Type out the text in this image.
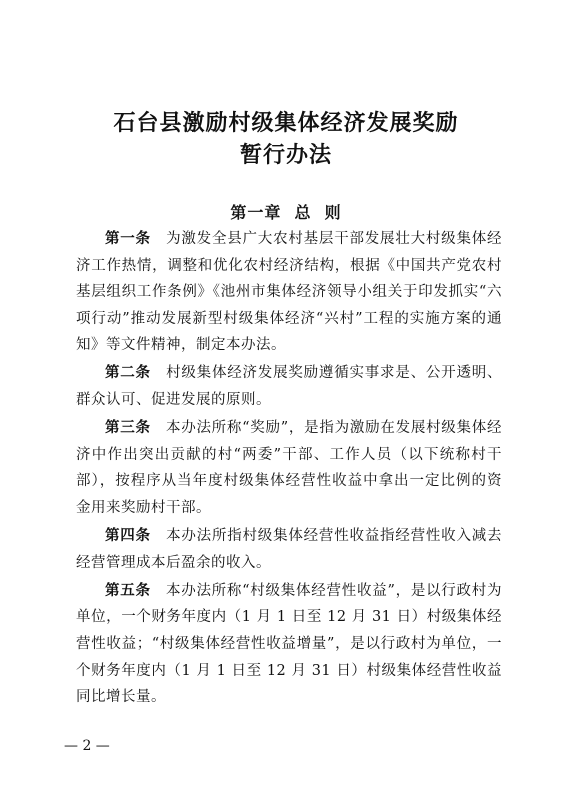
石台县激励村级集体经济发展奖励
暂行办法
第一章  总  则

第一条　 为激发全县广大农村基层干部发展壮大村级集体经济工作热情，调整和优化农村经济结构，根据《中国共产党农村基层组织工作条例》《池州市集体经济领导小组关于印发抓实“六项行动”推动发展新型村级集体经济“兴村”工程的实施方案的通知》等文件精神，制定本办法。

第二条　 村级集体经济发展奖励遵循实事求是、公开透明、群众认可、促进发展的原则。

第三条　 本办法所称“奖励”，是指为激励在发展村级集体经济中作出突出贡献的村“两委”干部、工作人员（以下统称村干部），按程序从当年度村级集体经营性收益中拿出一定比例的资金用来奖励村干部。

第四条　 本办法所指村级集体经营性收益指经营性收入减去经营管理成本后盈余的收入。

第五条　 本办法所称“村级集体经营性收益”，是以行政村为单位，一个财务年度内（1 月 1 日至 12 月 31 日）村级集体经营性收益；“村级集体经营性收益增量”，是以行政村为单位，一个财务年度内（1 月 1 日至 12 月 31 日）村级集体经营性收益同比增长量。

— 2 —
